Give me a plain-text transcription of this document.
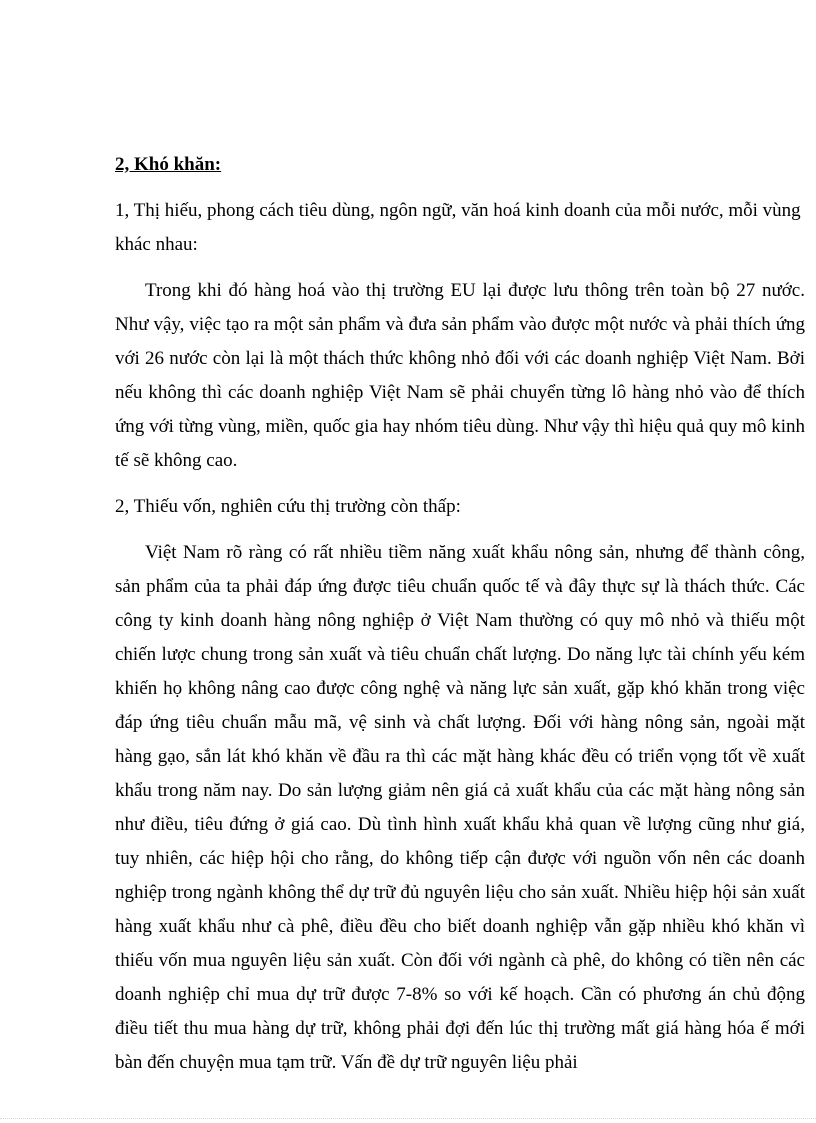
2, Khó khăn:

1, Thị hiếu, phong cách tiêu dùng, ngôn ngữ, văn hoá kinh doanh của mỗi nước, mỗi vùng khác nhau:

Trong khi đó hàng hoá vào thị trường EU lại được lưu thông trên toàn bộ 27 nước. Như vậy, việc tạo ra một sản phẩm và đưa sản phẩm vào được một nước và phải thích ứng với 26 nước còn lại là một thách thức không nhỏ đối với các doanh nghiệp Việt Nam. Bởi nếu không thì các doanh nghiệp Việt Nam sẽ phải chuyển từng lô hàng nhỏ vào để thích ứng với từng vùng, miền, quốc gia hay nhóm tiêu dùng. Như vậy thì hiệu quả quy mô kinh tế sẽ không cao.

2, Thiếu vốn, nghiên cứu thị trường còn thấp:

Việt Nam rõ ràng có rất nhiều tiềm năng xuất khẩu nông sản, nhưng để thành công, sản phẩm của ta phải đáp ứng được tiêu chuẩn quốc tế và đây thực sự là thách thức. Các công ty kinh doanh hàng nông nghiệp ở Việt Nam thường có quy mô nhỏ và thiếu một chiến lược chung trong sản xuất và tiêu chuẩn chất lượng. Do năng lực tài chính yếu kém khiến họ không nâng cao được công nghệ và năng lực sản xuất, gặp khó khăn trong việc đáp ứng tiêu chuẩn mẫu mã, vệ sinh và chất lượng. Đối với hàng nông sản, ngoài mặt hàng gạo, sắn lát khó khăn về đầu ra thì các mặt hàng khác đều có triển vọng tốt về xuất khẩu trong năm nay. Do sản lượng giảm nên giá cả xuất khẩu của các mặt hàng nông sản như điều, tiêu đứng ở giá cao. Dù tình hình xuất khẩu khả quan về lượng cũng như giá, tuy nhiên, các hiệp hội cho rằng, do không tiếp cận được với nguồn vốn nên các doanh nghiệp trong ngành không thể dự trữ đủ nguyên liệu cho sản xuất. Nhiều hiệp hội sản xuất hàng xuất khẩu như cà phê, điều đều cho biết doanh nghiệp vẫn gặp nhiều khó khăn vì thiếu vốn mua nguyên liệu sản xuất. Còn đối với ngành cà phê, do không có tiền nên các doanh nghiệp chỉ mua dự trữ được 7-8% so với kế hoạch. Cần có phương án chủ động điều tiết thu mua hàng dự trữ, không phải đợi đến lúc thị trường mất giá hàng hóa ế mới bàn đến chuyện mua tạm trữ. Vấn đề dự trữ nguyên liệu phải
